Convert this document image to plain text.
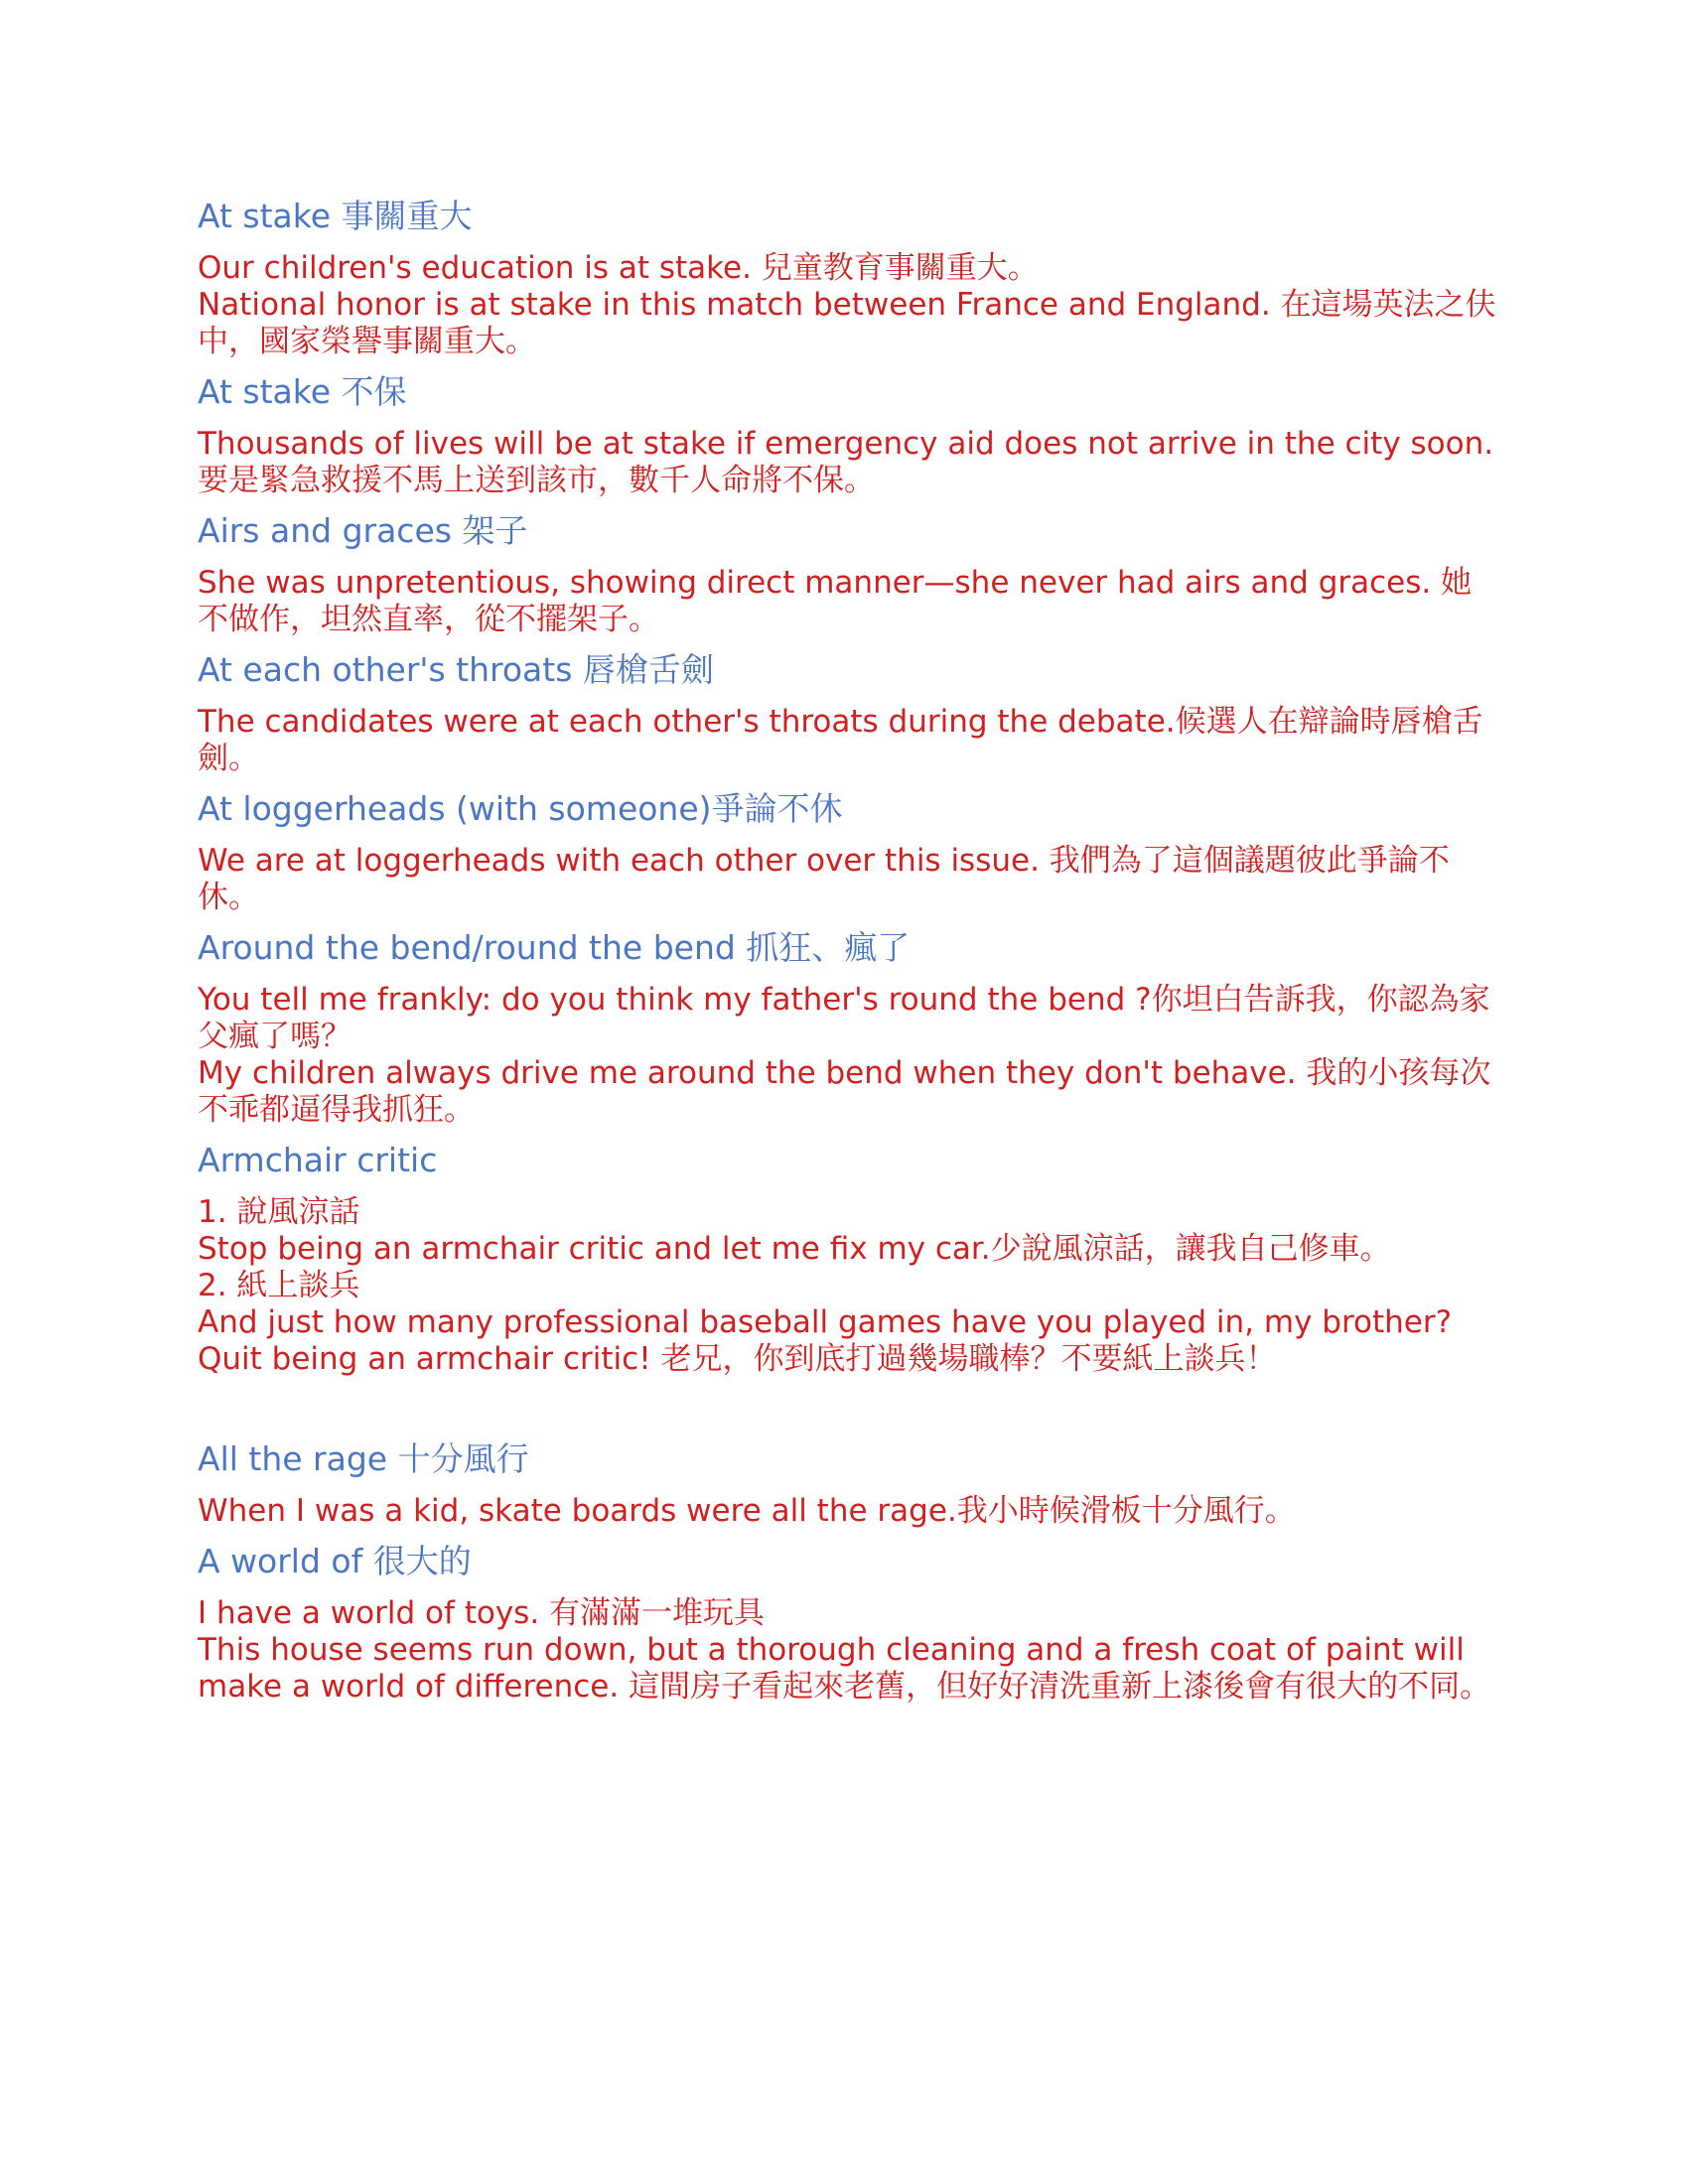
At stake 事關重大

Our children's education is at stake. 兒童教育事關重大。

National honor is at stake in this match between France and England. 在這場英法之伕中，國家榮譽事關重大。

At stake 不保

Thousands of lives will be at stake if emergency aid does not arrive in the city soon. 要是緊急救援不馬上送到該市，數千人命將不保。

Airs and graces 架子

She was unpretentious, showing direct manner—she never had airs and graces. 她不做作，坦然直率，從不擺架子。

At each other's throats 唇槍舌劍

The candidates were at each other's throats during the debate.候選人在辯論時唇槍舌劍。

At loggerheads (with someone)爭論不休

We are at loggerheads with each other over this issue. 我們為了這個議題彼此爭論不休。

Around the bend/round the bend 抓狂、瘋了

You tell me frankly: do you think my father's round the bend ?你坦白告訴我，你認為家父瘋了嗎？

My children always drive me around the bend when they don't behave. 我的小孩每次不乖都逼得我抓狂。

Armchair critic

1. 說風涼話

Stop being an armchair critic and let me fix my car.少說風涼話，讓我自己修車。

2. 紙上談兵

And just how many professional baseball games have you played in, my brother? Quit being an armchair critic! 老兄，你到底打過幾場職棒？不要紙上談兵！

All the rage 十分風行

When I was a kid, skate boards were all the rage.我小時候滑板十分風行。

A world of 很大的

I have a world of toys. 有滿滿一堆玩具

This house seems run down, but a thorough cleaning and a fresh coat of paint will make a world of difference. 這間房子看起來老舊，但好好清洗重新上漆後會有很大的不同。
